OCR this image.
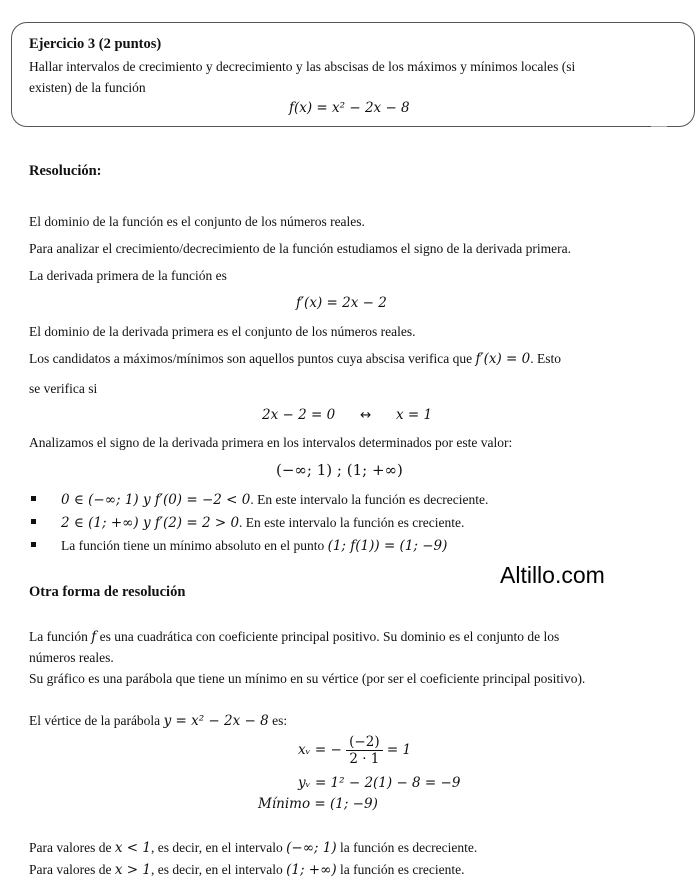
Ejercicio 3 (2 puntos)
Hallar intervalos de crecimiento y decrecimiento y las abscisas de los máximos y mínimos locales (si
existen) de la función
f(x) = x² − 2x − 8
Resolución:
El dominio de la función es el conjunto de los números reales.
Para analizar el crecimiento/decrecimiento de la función estudiamos el signo de la derivada primera.
La derivada primera de la función es
f′(x) = 2x − 2
El dominio de la derivada primera es el conjunto de los números reales.
Los candidatos a máximos/mínimos son aquellos puntos cuya abscisa verifica que f′(x) = 0. Esto
se verifica si
2x − 2 = 0 ↔ x = 1
Analizamos el signo de la derivada primera en los intervalos determinados por este valor:
(−∞; 1) ; (1; +∞)
0 ∈ (−∞; 1) y f′(0) = −2 < 0. En este intervalo la función es decreciente.
2 ∈ (1; +∞) y f′(2) = 2 > 0. En este intervalo la función es creciente.
La función tiene un mínimo absoluto en el punto (1; f(1)) = (1; −9)
Altillo.com
Otra forma de resolución
La función f es una cuadrática con coeficiente principal positivo. Su dominio es el conjunto de los
números reales.
Su gráfico es una parábola que tiene un mínimo en su vértice (por ser el coeficiente principal positivo).
El vértice de la parábola y = x² − 2x − 8 es:
xᵥ = − $\frac{(-2)}{2 \cdot 1} = 1$
yᵥ = 1² − 2(1) − 8 = −9
Mínimo = (1; −9)
Para valores de x < 1, es decir, en el intervalo (−∞; 1) la función es decreciente.
Para valores de x > 1, es decir, en el intervalo (1; +∞) la función es creciente.
